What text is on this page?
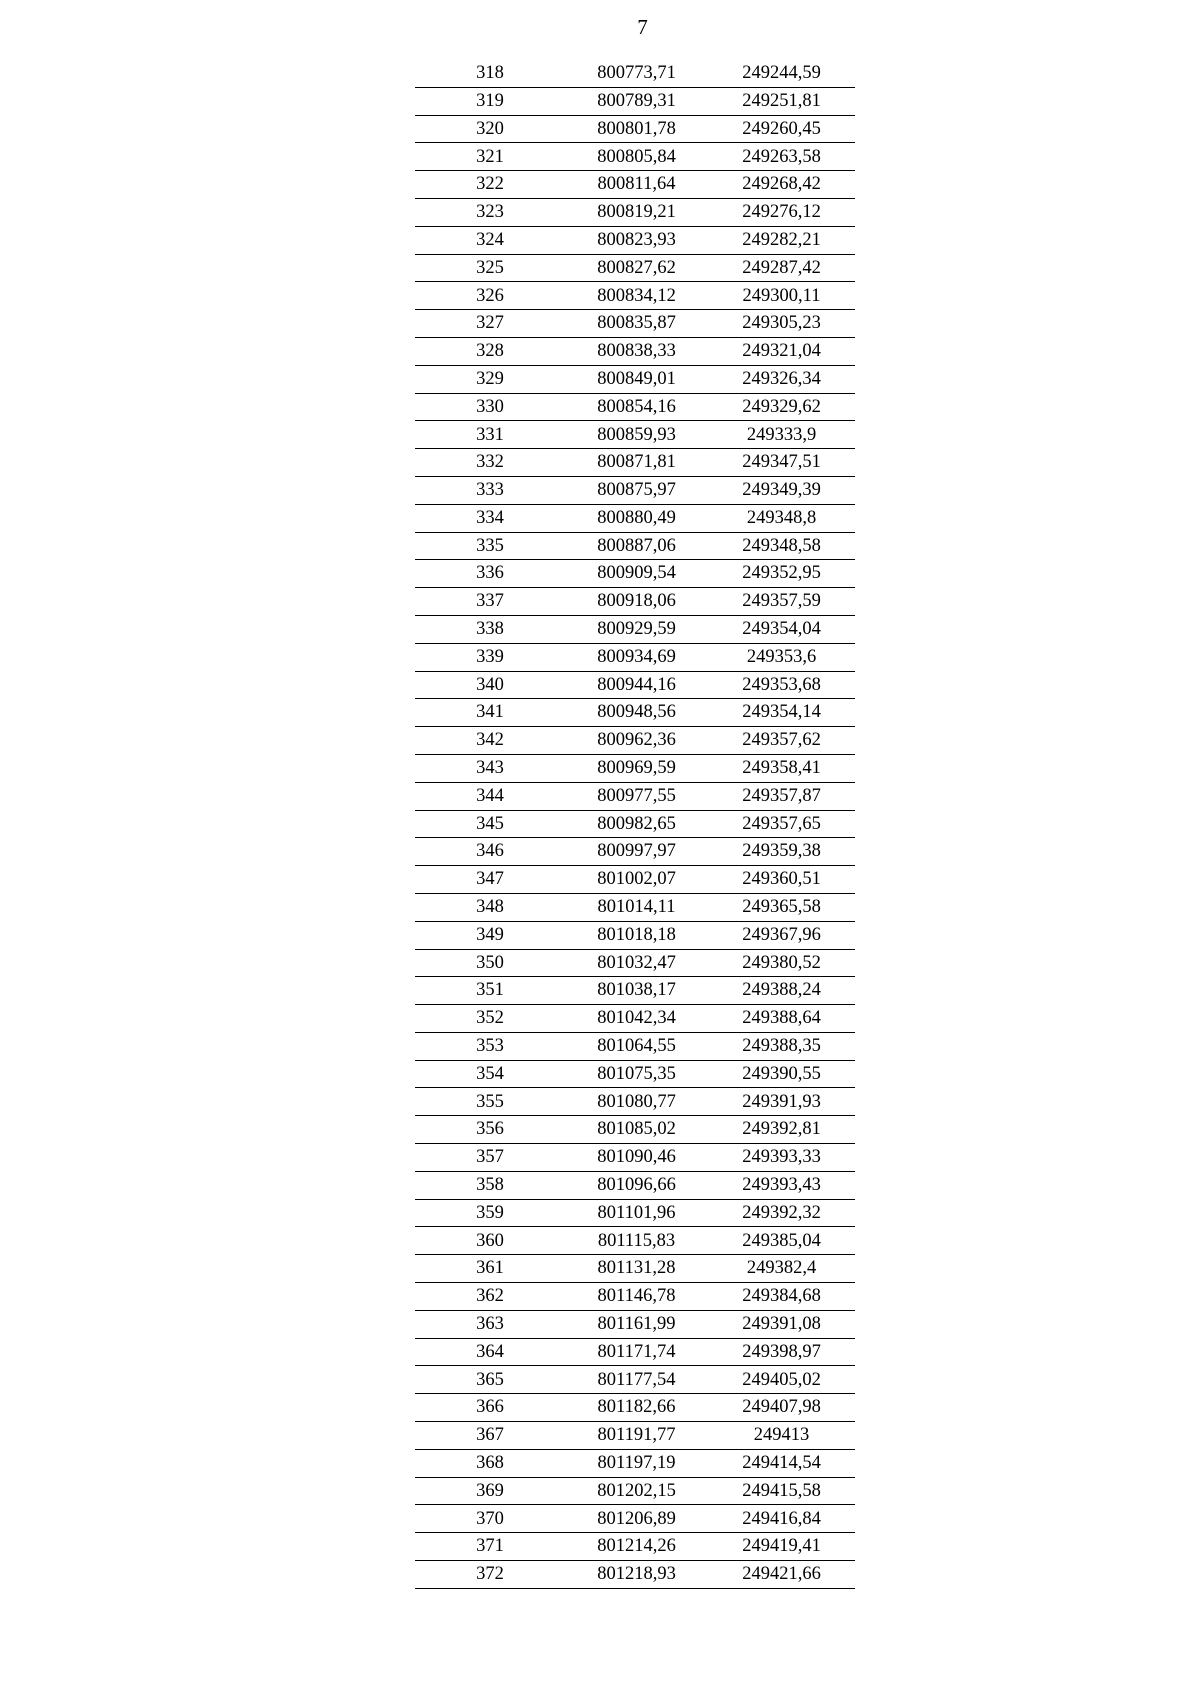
7
318	800773,71	249244,59
319	800789,31	249251,81
320	800801,78	249260,45
321	800805,84	249263,58
322	800811,64	249268,42
323	800819,21	249276,12
324	800823,93	249282,21
325	800827,62	249287,42
326	800834,12	249300,11
327	800835,87	249305,23
328	800838,33	249321,04
329	800849,01	249326,34
330	800854,16	249329,62
331	800859,93	249333,9
332	800871,81	249347,51
333	800875,97	249349,39
334	800880,49	249348,8
335	800887,06	249348,58
336	800909,54	249352,95
337	800918,06	249357,59
338	800929,59	249354,04
339	800934,69	249353,6
340	800944,16	249353,68
341	800948,56	249354,14
342	800962,36	249357,62
343	800969,59	249358,41
344	800977,55	249357,87
345	800982,65	249357,65
346	800997,97	249359,38
347	801002,07	249360,51
348	801014,11	249365,58
349	801018,18	249367,96
350	801032,47	249380,52
351	801038,17	249388,24
352	801042,34	249388,64
353	801064,55	249388,35
354	801075,35	249390,55
355	801080,77	249391,93
356	801085,02	249392,81
357	801090,46	249393,33
358	801096,66	249393,43
359	801101,96	249392,32
360	801115,83	249385,04
361	801131,28	249382,4
362	801146,78	249384,68
363	801161,99	249391,08
364	801171,74	249398,97
365	801177,54	249405,02
366	801182,66	249407,98
367	801191,77	249413
368	801197,19	249414,54
369	801202,15	249415,58
370	801206,89	249416,84
371	801214,26	249419,41
372	801218,93	249421,66
